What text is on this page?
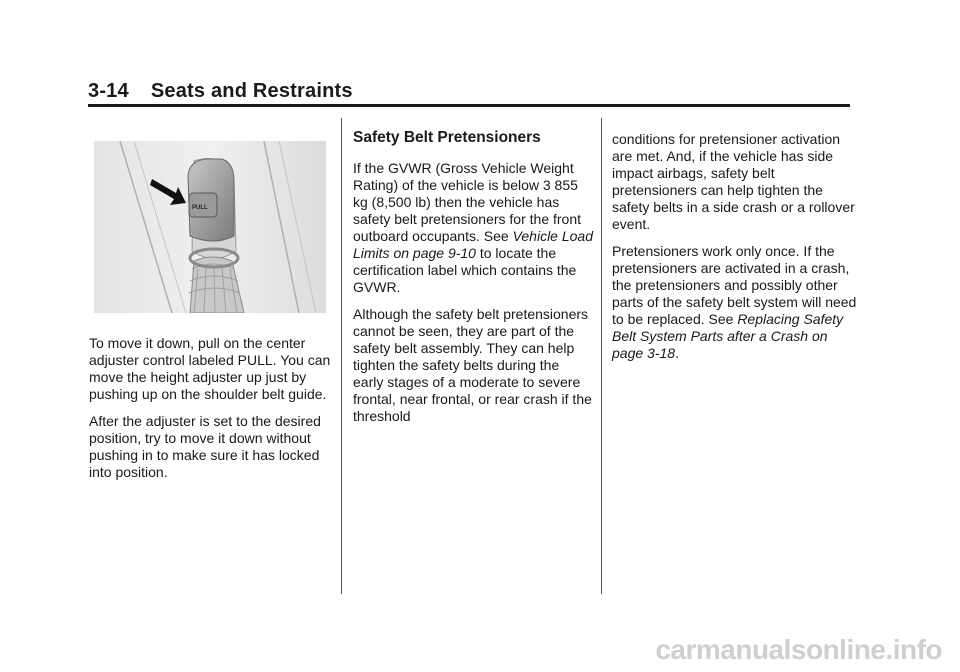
3-14 Seats and Restraints
PULL

To move it down, pull on the center adjuster control labeled PULL. You can move the height adjuster up just by pushing up on the shoulder belt guide.

After the adjuster is set to the desired position, try to move it down without pushing in to make sure it has locked into position.

Safety Belt Pretensioners

If the GVWR (Gross Vehicle Weight Rating) of the vehicle is below 3 855 kg (8,500 lb) then the vehicle has safety belt pretensioners for the front outboard occupants. See Vehicle Load Limits on page 9-10 to locate the certification label which contains the GVWR.

Although the safety belt pretensioners cannot be seen, they are part of the safety belt assembly. They can help tighten the safety belts during the early stages of a moderate to severe frontal, near frontal, or rear crash if the threshold

conditions for pretensioner activation are met. And, if the vehicle has side impact airbags, safety belt pretensioners can help tighten the safety belts in a side crash or a rollover event.

Pretensioners work only once. If the pretensioners are activated in a crash, the pretensioners and possibly other parts of the safety belt system will need to be replaced. See Replacing Safety Belt System Parts after a Crash on page 3-18.

carmanualsonline.info
